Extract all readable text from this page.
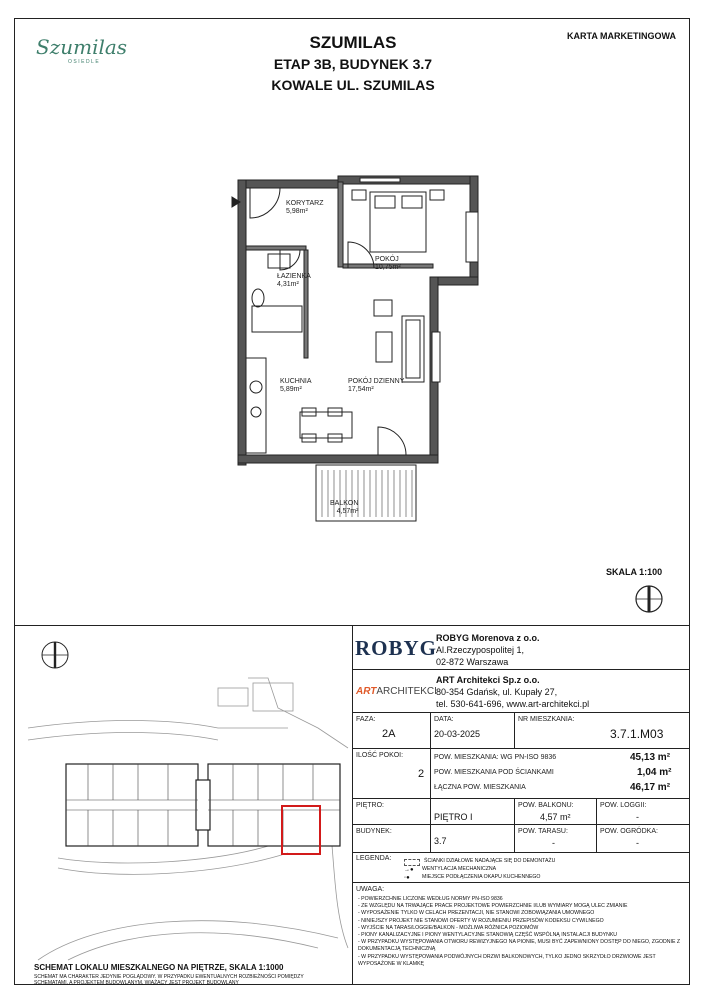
Szumilas
OSIEDLE
SZUMILAS
ETAP 3B, BUDYNEK 3.7
KOWALE UL. SZUMILAS
KARTA MARKETINGOWA
KORYTARZ
5,98m²
POKÓJ
10,75m²
ŁAZIENKA
4,31m²
KUCHNIA
5,89m²
POKÓJ DZIENNY
17,54m²
BALKON
4,57m²
SKALA 1:100
SCHEMAT LOKALU MIESZKALNEGO NA PIĘTRZE, SKALA 1:1000
SCHEMAT MA CHARAKTER JEDYNIE POGLĄDOWY. W PRZYPADKU EWENTUALNYCH ROZBIEŻNOŚCI POMIĘDZY SCHEMATAMI, A PROJEKTEM BUDOWLANYM, WIĄŻĄCY JEST PROJEKT BUDOWLANY
ROBYG
ROBYG Morenova z o.o.
Al.Rzeczypospolitej 1,
02-872 Warszawa
ARTARCHITEKCI
ART Architekci Sp.z o.o.
80-354 Gdańsk, ul. Kupały 27,
tel. 530-641-696, www.art-architekci.pl
FAZA:
2A
DATA:
20-03-2025
NR MIESZKANIA:
3.7.1.M03
ILOŚĆ POKOI:
2
POW. MIESZKANIA: WG PN-ISO 9836	45,13 m²
POW. MIESZKANIA POD ŚCIANKAMI	1,04 m²
ŁĄCZNA POW. MIESZKANIA	46,17 m²
PIĘTRO:
PIĘTRO I
POW. BALKONU:
4,57 m²
POW. LOGGII:
-
BUDYNEK:
3.7
POW. TARASU:
-
POW. OGRÓDKA:
-
LEGENDA:	ŚCIANKI DZIAŁOWE NADAJĄCE SIĘ DO DEMONTAŻU
→●	WENTYLACJA MECHANICZNA
◦●	MIEJSCE PODŁĄCZENIA OKAPU KUCHENNEGO
UWAGA:
- POWIERZCHNIE LICZONE WEDŁUG NORMY PN-ISO 9836
- ZE WZGLĘDU NA TRWAJĄCE PRACE PROJEKTOWE POWIERZCHNIE I/LUB WYMIARY MOGĄ ULEC ZMIANIE
- WYPOSAŻENIE TYLKO W CELACH PREZENTACJI, NIE STANOWI ZOBOWIĄZANIA UMOWNEGO
- NINIEJSZY PROJEKT NIE STANOWI OFERTY W ROZUMIENIU PRZEPISÓW KODEKSU CYWILNEGO
- WYJŚCIE NA TARAS/LOGGIE/BALKON - MOŻLIWA RÓŻNICA POZIOMÓW
- PIONY KANALIZACYJNE I PIONY WENTYLACYJNE STANOWIĄ CZĘŚĆ WSPÓLNĄ INSTALACJI BUDYNKU
- W PRZYPADKU WYSTĘPOWANIA OTWORU REWIZYJNEGO NA PIONIE, MUSI BYĆ ZAPEWNIONY DOSTĘP DO NIEGO, ZGODNIE Z DOKUMENTACJĄ TECHNICZNĄ
- W PRZYPADKU WYSTĘPOWANIA PODWÓJNYCH DRZWI BALKONOWYCH, TYLKO JEDNO SKRZYDŁO DRZWIOWE JEST WYPOSAŻONE W KLAMKĘ
